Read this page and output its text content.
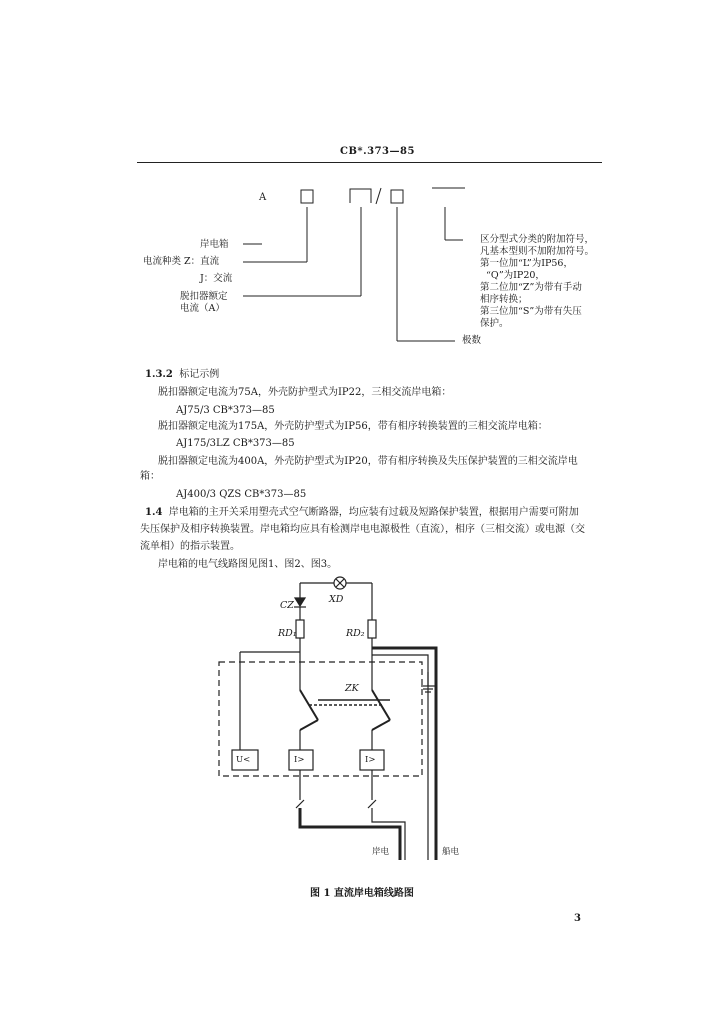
CB*.373—85
A
岸电箱
电流种类 Z：直流
J：交流
脱扣器额定
电流（A）
区分型式分类的附加符号，
凡基本型则不加附加符号。
第一位加“L”为IP56，
“Q”为IP20，
第二位加“Z”为带有手动
相序转换；
第三位加“S”为带有失压
保护。
极数
1.3.2 标记示例
脱扣器额定电流为75A，外壳防护型式为IP22，三相交流岸电箱：
AJ75/3 CB*373—85
脱扣器额定电流为175A，外壳防护型式为IP56，带有相序转换装置的三相交流岸电箱：
AJ175/3LZ CB*373—85
脱扣器额定电流为400A，外壳防护型式为IP20，带有相序转换及失压保护装置的三相交流岸电
箱：
AJ400/3 QZS CB*373—85
1.4 岸电箱的主开关采用塑壳式空气断路器，均应装有过载及短路保护装置，根据用户需要可附加
失压保护及相序转换装置。岸电箱均应具有检测岸电电源极性（直流），相序（三相交流）或电源（交
流单相）的指示装置。
岸电箱的电气线路图见图1、图2、图3。
XD
CZ
RD₁	RD₂
ZK
U<	I>	I>
岸电	船电
图 1 直流岸电箱线路图
3
